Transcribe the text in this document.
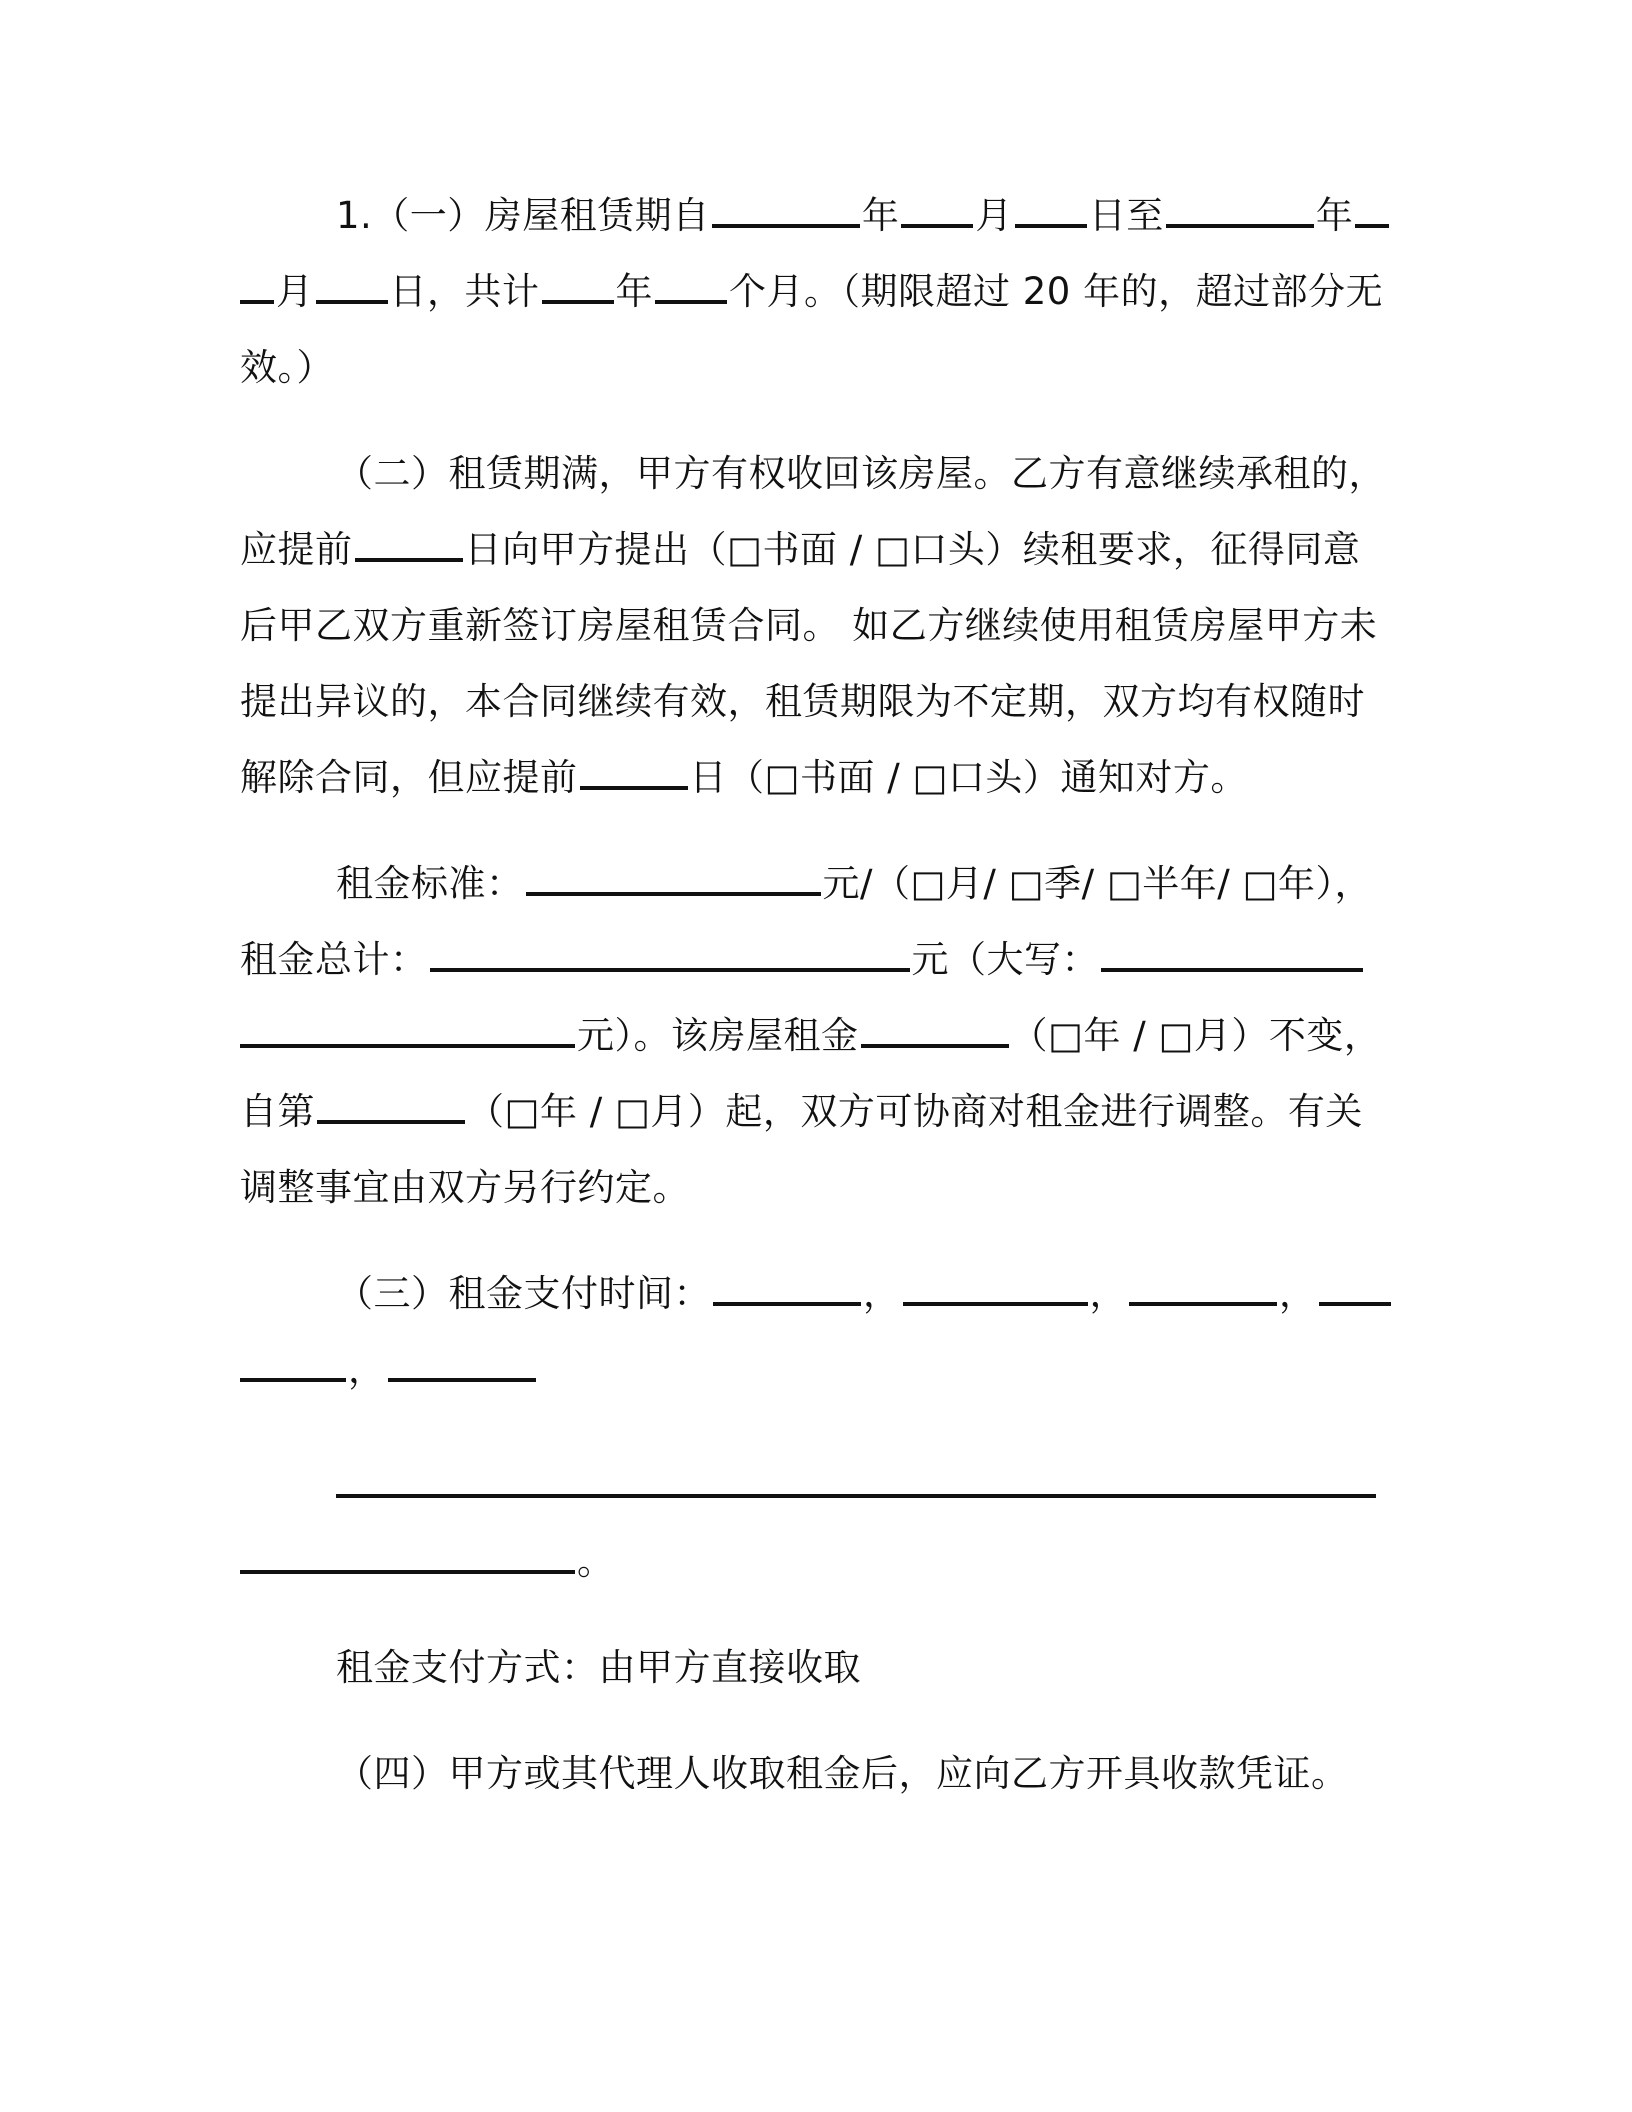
1.（一）房屋租赁期自	年 月 日至	年
月 日，共计 年 个月。（期限超过 20 年的，超过部分无
效。）
（二）租赁期满，甲方有权收回该房屋。乙方有意继续承租的，
应提前	日向甲方提出（□书面 / □口头）续租要求，征得同意
后甲乙双方重新签订房屋租赁合同。 如乙方继续使用租赁房屋甲方未
提出异议的，本合同继续有效，租赁期限为不定期，双方均有权随时
解除合同，但应提前	日（□书面 / □口头）通知对方。
租金标准：	元/（□月/ □季/ □半年/ □年），
租金总计：	元（大写：
元）。该房屋租金	（□年 / □月）不变，
自第	（□年 / □月）起，双方可协商对租金进行调整。有关
调整事宜由双方另行约定。
（三）租金支付时间：	，	，	，
，
。
租金支付方式：由甲方直接收取
（四）甲方或其代理人收取租金后，应向乙方开具收款凭证。
